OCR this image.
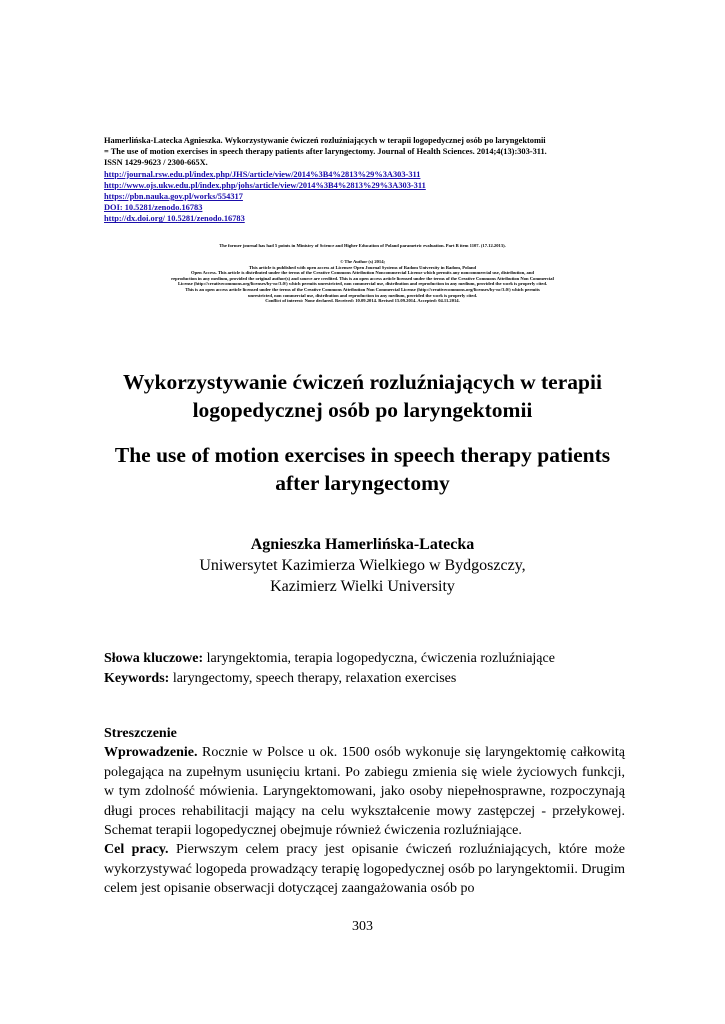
Hamerlińska-Latecka Agnieszka. Wykorzystywanie ćwiczeń rozluźniających w terapii logopedycznej osób po laryngektomii
= The use of motion exercises in speech therapy patients after laryngectomy. Journal of Health Sciences. 2014;4(13):303-311.
ISSN 1429-9623 / 2300-665X.
http://journal.rsw.edu.pl/index.php/JHS/article/view/2014%3B4%2813%29%3A303-311
http://www.ojs.ukw.edu.pl/index.php/johs/article/view/2014%3B4%2813%29%3A303-311
https://pbn.nauka.gov.pl/works/554317
DOI: 10.5281/zenodo.16783
http://dx.doi.org/ 10.5281/zenodo.16783
The former journal has had 5 points in Ministry of Science and Higher Education of Poland parametric evaluation. Part B item 1107. (17.12.2013).
© The Author (s) 2014;
This article is published with open access at Licensee Open Journal Systems of Radom University in Radom, Poland
Open Access. This article is distributed under the terms of the Creative Commons Attribution Noncommercial License which permits any noncommercial use, distribution, and
reproduction in any medium, provided the original author(s) and source are credited. This is an open access article licensed under the terms of the Creative Commons Attribution Non Commercial
License (http://creativecommons.org/licenses/by-nc/3.0/) which permits unrestricted, non commercial use, distribution and reproduction in any medium, provided the work is properly cited.
This is an open access article licensed under the terms of the Creative Commons Attribution Non Commercial License (http://creativecommons.org/licenses/by-nc/3.0/) which permits
unrestricted, non commercial use, distribution and reproduction in any medium, provided the work is properly cited.
Conflict of interest: None declared. Received: 10.09.2014. Revised 15.09.2014. Accepted: 04.11.2014.
Wykorzystywanie ćwiczeń rozluźniających w terapii
logopedycznej osób po laryngektomii
The use of motion exercises in speech therapy patients
after laryngectomy
Agnieszka Hamerlińska-Latecka
Uniwersytet Kazimierza Wielkiego w Bydgoszczy,
Kazimierz Wielki University
Słowa kluczowe: laryngektomia, terapia logopedyczna, ćwiczenia rozluźniające
Keywords: laryngectomy, speech therapy, relaxation exercises
Streszczenie

Wprowadzenie. Rocznie w Polsce u ok. 1500 osób wykonuje się laryngektomię całkowitą polegająca na zupełnym usunięciu krtani. Po zabiegu zmienia się wiele życiowych funkcji, w tym zdolność mówienia. Laryngektomowani, jako osoby niepełnosprawne, rozpoczynają długi proces rehabilitacji mający na celu wykształcenie mowy zastępczej - przełykowej. Schemat terapii logopedycznej obejmuje również ćwiczenia rozluźniające.

Cel pracy. Pierwszym celem pracy jest opisanie ćwiczeń rozluźniających, które może wykorzystywać logopeda prowadzący terapię logopedycznej osób po laryngektomii. Drugim celem jest opisanie obserwacji dotyczącej zaangażowania osób po

303
